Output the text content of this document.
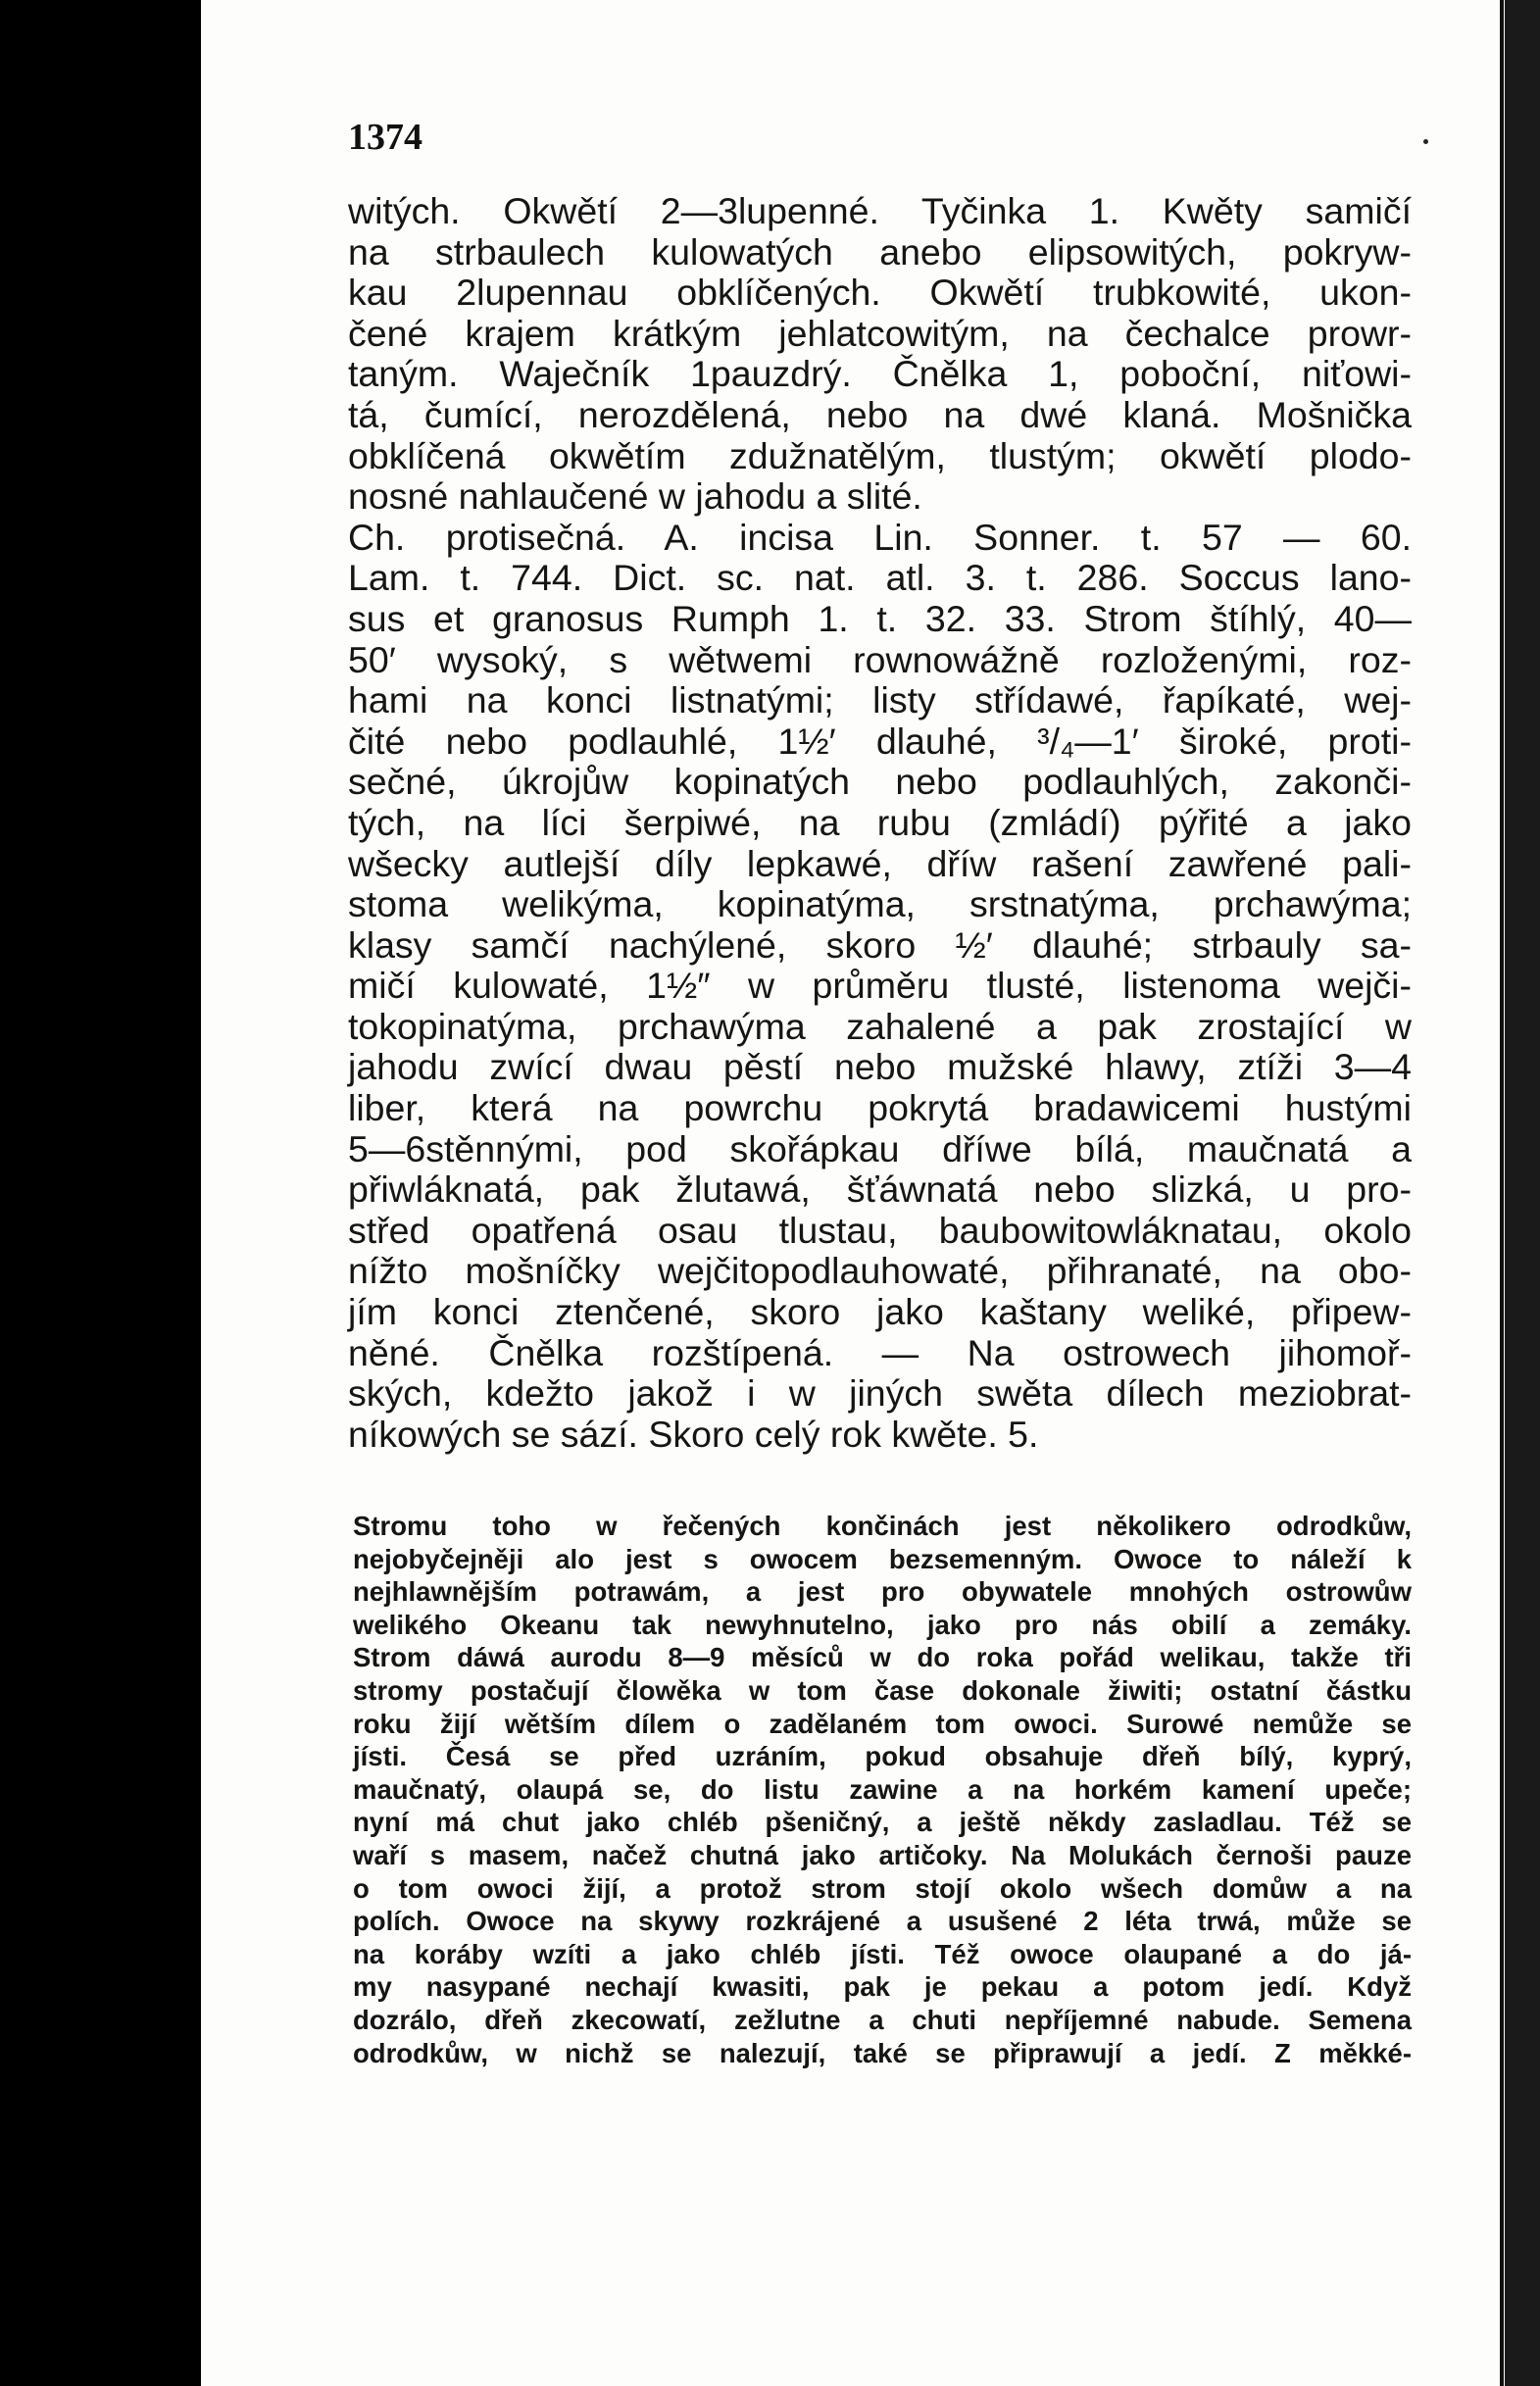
1374
witých. Okwětí 2—3lupenné. Tyčinka 1. Kwěty samičí
na strbaulech kulowatých anebo elipsowitých, pokryw-
kau 2lupennau obklíčených. Okwětí trubkowité, ukon-
čené krajem krátkým jehlatcowitým, na čechalce prowr-
taným. Waječník 1pauzdrý. Čnělka 1, poboční, niťowi-
tá, čumící, nerozdělená, nebo na dwé klaná. Mošnička
obklíčená okwětím zdužnatělým, tlustým; okwětí plodo-
nosné nahlaučené w jahodu a slité.
Ch. protisečná. A. incisa Lin. Sonner. t. 57 — 60.
Lam. t. 744. Dict. sc. nat. atl. 3. t. 286. Soccus lano-
sus et granosus Rumph 1. t. 32. 33. Strom štíhlý, 40—
50′ wysoký, s wětwemi rownowážně rozloženými, roz-
hami na konci listnatými; listy střídawé, řapíkaté, wej-
čité nebo podlauhlé, 1½′ dlauhé, ³/₄—1′ široké, proti-
sečné, úkrojůw kopinatých nebo podlauhlých, zakonči-
tých, na líci šerpiwé, na rubu (zmládí) pýřité a jako
wšecky autlejší díly lepkawé, dříw rašení zawřené pali-
stoma welikýma, kopinatýma, srstnatýma, prchawýma;
klasy samčí nachýlené, skoro ½′ dlauhé; strbauly sa-
mičí kulowaté, 1½″ w průměru tlusté, listenoma wejči-
tokopinatýma, prchawýma zahalené a pak zrostající w
jahodu zwící dwau pěstí nebo mužské hlawy, ztíži 3—4
liber, která na powrchu pokrytá bradawicemi hustými
5—6stěnnými, pod skořápkau dříwe bílá, maučnatá a
přiwláknatá, pak žlutawá, šťáwnatá nebo slizká, u pro-
střed opatřená osau tlustau, baubowitowláknatau, okolo
nížto mošníčky wejčitopodlauhowaté, přihranaté, na obo-
jím konci ztenčené, skoro jako kaštany weliké, připew-
něné. Čnělka rozštípená. — Na ostrowech jihomoř-
ských, kdežto jakož i w jiných swěta dílech meziobrat-
níkowých se sází. Skoro celý rok kwěte. 5.
Stromu toho w řečených končinách jest několikero odrodkůw,
nejobyčejněji alo jest s owocem bezsemenným. Owoce to náleží k
nejhlawnějším potrawám, a jest pro obywatele mnohých ostrowůw
welikého Okeanu tak newyhnutelno, jako pro nás obilí a zemáky.
Strom dáwá aurodu 8—9 měsíců w do roka pořád welikau, takže tři
stromy postačují člowěka w tom čase dokonale žiwiti; ostatní částku
roku žijí wětším dílem o zadělaném tom owoci. Surowé nemůže se
jísti. Česá se před uzráním, pokud obsahuje dřeň bílý, kyprý,
maučnatý, olaupá se, do listu zawine a na horkém kamení upeče;
nyní má chut jako chléb pšeničný, a ještě někdy zasladlau. Též se
waří s masem, načež chutná jako artičoky. Na Molukách černoši pauze
o tom owoci žijí, a protož strom stojí okolo wšech domůw a na
polích. Owoce na skywy rozkrájené a usušené 2 léta trwá, může se
na koráby wzíti a jako chléb jísti. Též owoce olaupané a do já-
my nasypané nechají kwasiti, pak je pekau a potom jedí. Když
dozrálo, dřeň zkecowatí, zežlutne a chuti nepříjemné nabude. Semena
odrodkůw, w nichž se nalezují, také se připrawují a jedí. Z měkké-
